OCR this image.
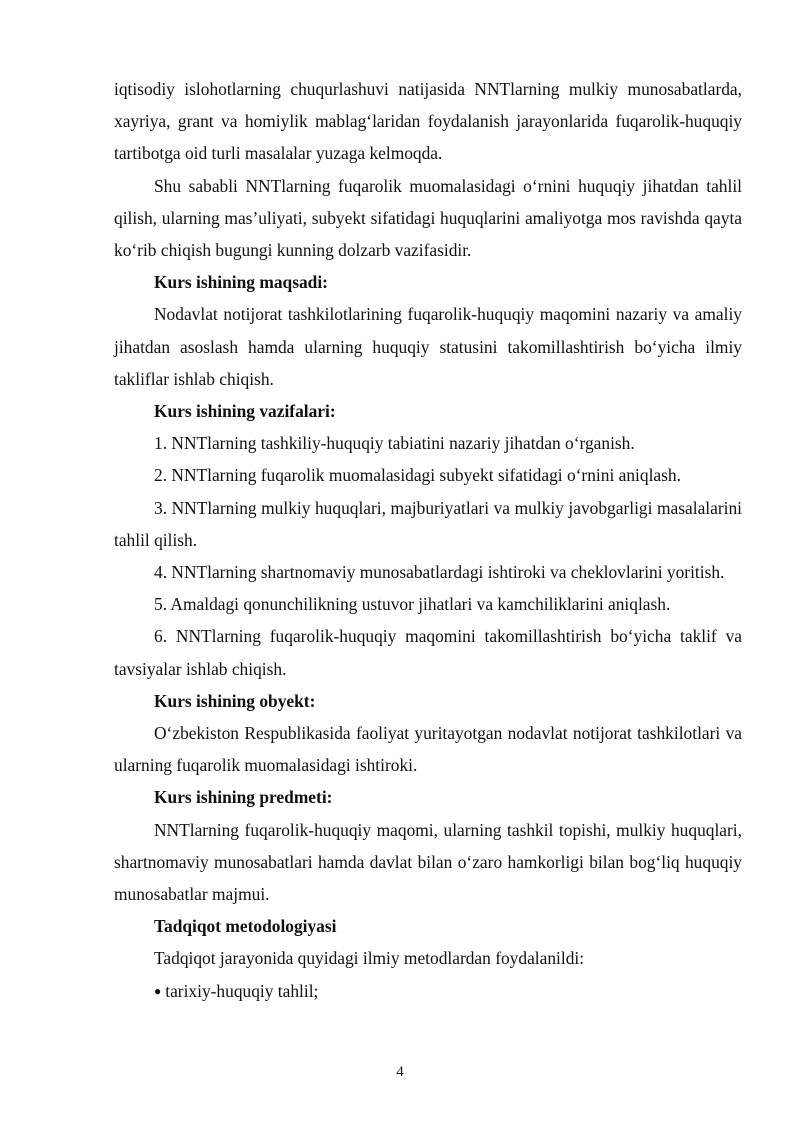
iqtisodiy islohotlarning chuqurlashuvi natijasida NNTlarning mulkiy munosabatlarda, xayriya, grant va homiylik mablag‘laridan foydalanish jarayonlarida fuqarolik-huquqiy tartibotga oid turli masalalar yuzaga kelmoqda.

Shu sababli NNTlarning fuqarolik muomalasidagi o‘rnini huquqiy jihatdan tahlil qilish, ularning mas’uliyati, subyekt sifatidagi huquqlarini amaliyotga mos ravishda qayta ko‘rib chiqish bugungi kunning dolzarb vazifasidir.

Kurs ishining maqsadi:

Nodavlat notijorat tashkilotlarining fuqarolik-huquqiy maqomini nazariy va amaliy jihatdan asoslash hamda ularning huquqiy statusini takomillashtirish bo‘yicha ilmiy takliflar ishlab chiqish.

Kurs ishining vazifalari:

1. NNTlarning tashkiliy-huquqiy tabiatini nazariy jihatdan o‘rganish.

2. NNTlarning fuqarolik muomalasidagi subyekt sifatidagi o‘rnini aniqlash.

3. NNTlarning mulkiy huquqlari, majburiyatlari va mulkiy javobgarligi masalalarini tahlil qilish.

4. NNTlarning shartnomaviy munosabatlardagi ishtiroki va cheklovlarini yoritish.

5. Amaldagi qonunchilikning ustuvor jihatlari va kamchiliklarini aniqlash.

6. NNTlarning fuqarolik-huquqiy maqomini takomillashtirish bo‘yicha taklif va tavsiyalar ishlab chiqish.

Kurs ishining obyekt:

O‘zbekiston Respublikasida faoliyat yuritayotgan nodavlat notijorat tashkilotlari va ularning fuqarolik muomalasidagi ishtiroki.

Kurs ishining predmeti:

NNTlarning fuqarolik-huquqiy maqomi, ularning tashkil topishi, mulkiy huquqlari, shartnomaviy munosabatlari hamda davlat bilan o‘zaro hamkorligi bilan bog‘liq huquqiy munosabatlar majmui.

Tadqiqot metodologiyasi

Tadqiqot jarayonida quyidagi ilmiy metodlardan foydalanildi:

● tarixiy-huquqiy tahlil;

4
